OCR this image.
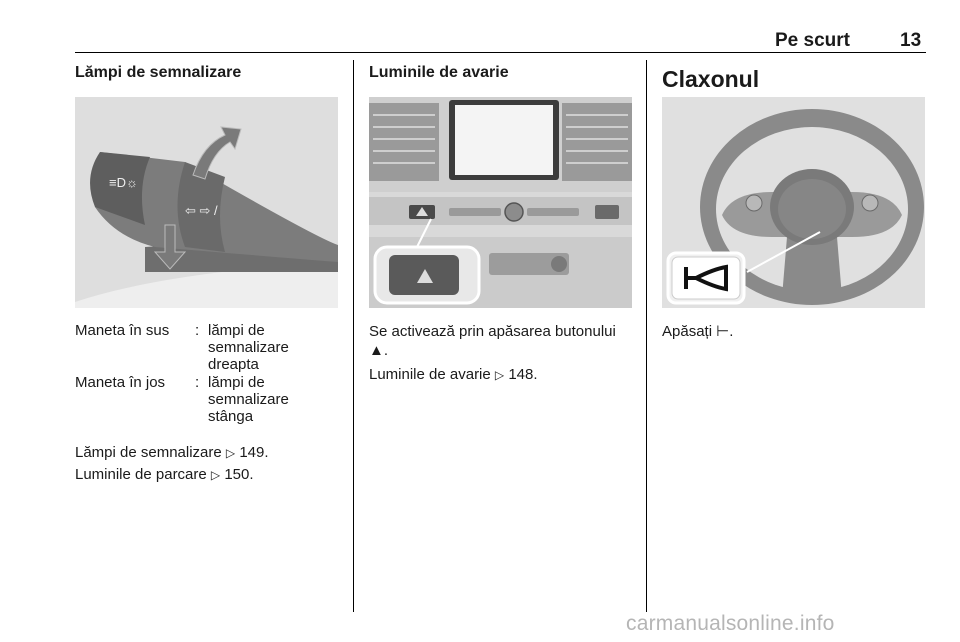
Pe scurt	13
Lămpi de semnalizare
≡D☼
⇦ ⇨ /
Maneta în sus : lămpi de semnalizare dreapta
Maneta în jos : lămpi de semnalizare stânga
Lămpi de semnalizare ▷ 149.
Luminile de parcare ▷ 150.
Luminile de avarie
Se activează prin apăsarea butonului ▲.
Luminile de avarie ▷ 148.
Claxonul
Apăsați ⊢.
carmanualsonline.info
